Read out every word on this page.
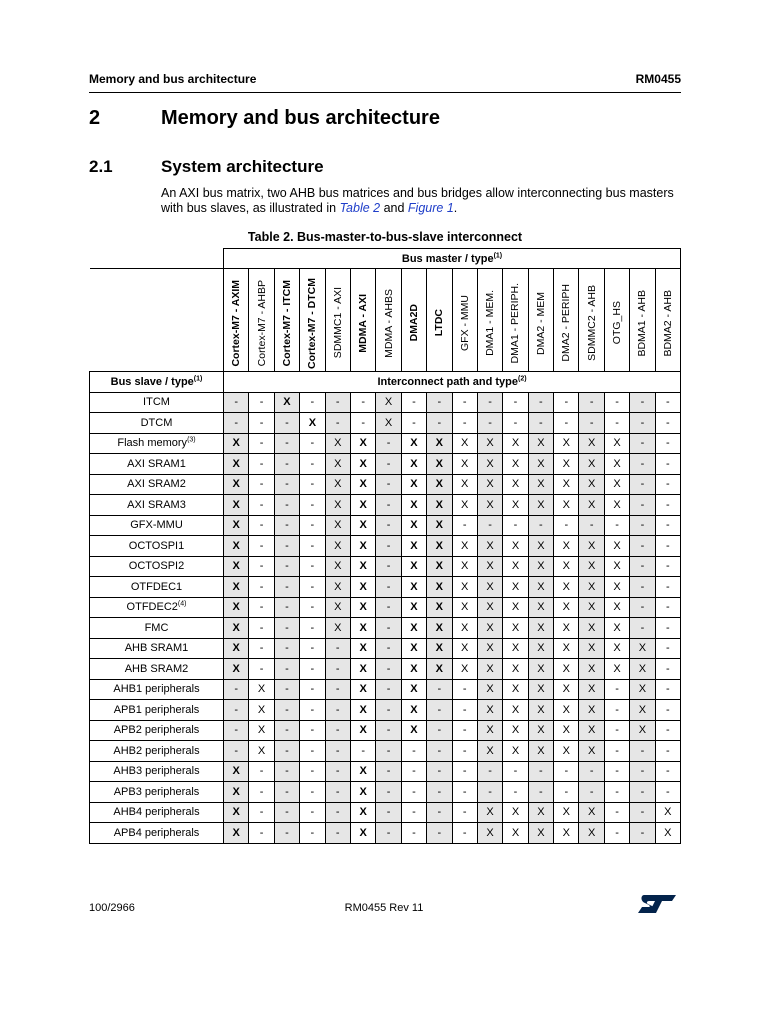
Memory and bus architecture	RM0455
2	Memory and bus architecture
2.1	System architecture
An AXI bus matrix, two AHB bus matrices and bus bridges allow interconnecting bus masters with bus slaves, as illustrated in Table 2 and Figure 1.
Table 2. Bus-master-to-bus-slave interconnect
	Bus master / type$^{(1)}$

	Cortex-M7 - AXIM	Cortex-M7 - AHBP	Cortex-M7 - ITCM	Cortex-M7 - DTCM	SDMMC1 - AXI	MDMA - AXI	MDMA - AHBS	DMA2D	LTDC	GFX - MMU	DMA1 - MEM.	DMA1 - PERIPH.	DMA2 - MEM	DMA2 - PERIPH	SDMMC2 - AHB	OTG_HS	BDMA1 - AHB	BDMA2 - AHB

Bus slave / type$^{(1)}$	Interconnect path and type$^{(2)}$
ITCM	-	-	X	-	-	-	X	-	-	-	-	-	-	-	-	-	-	-
DTCM	-	-	-	X	-	-	X	-	-	-	-	-	-	-	-	-	-	-
Flash memory$^{(3)}$	X	-	-	-	X	X	-	X	X	X	X	X	X	X	X	X	-	-
AXI SRAM1	X	-	-	-	X	X	-	X	X	X	X	X	X	X	X	X	-	-
AXI SRAM2	X	-	-	-	X	X	-	X	X	X	X	X	X	X	X	X	-	-
AXI SRAM3	X	-	-	-	X	X	-	X	X	X	X	X	X	X	X	X	-	-
GFX-MMU	X	-	-	-	X	X	-	X	X	-	-	-	-	-	-	-	-	-
OCTOSPI1	X	-	-	-	X	X	-	X	X	X	X	X	X	X	X	X	-	-
OCTOSPI2	X	-	-	-	X	X	-	X	X	X	X	X	X	X	X	X	-	-
OTFDEC1	X	-	-	-	X	X	-	X	X	X	X	X	X	X	X	X	-	-
OTFDEC2$^{(4)}$	X	-	-	-	X	X	-	X	X	X	X	X	X	X	X	X	-	-
FMC	X	-	-	-	X	X	-	X	X	X	X	X	X	X	X	X	-	-
AHB SRAM1	X	-	-	-	-	X	-	X	X	X	X	X	X	X	X	X	X	-
AHB SRAM2	X	-	-	-	-	X	-	X	X	X	X	X	X	X	X	X	X	-
AHB1 peripherals	-	X	-	-	-	X	-	X	-	-	X	X	X	X	X	-	X	-
APB1 peripherals	-	X	-	-	-	X	-	X	-	-	X	X	X	X	X	-	X	-
APB2 peripherals	-	X	-	-	-	X	-	X	-	-	X	X	X	X	X	-	X	-
AHB2 peripherals	-	X	-	-	-	-	-	-	-	-	X	X	X	X	X	-	-	-
AHB3 peripherals	X	-	-	-	-	X	-	-	-	-	-	-	-	-	-	-	-	-
APB3 peripherals	X	-	-	-	-	X	-	-	-	-	-	-	-	-	-	-	-	-
AHB4 peripherals	X	-	-	-	-	X	-	-	-	-	X	X	X	X	X	-	-	X
APB4 peripherals	X	-	-	-	-	X	-	-	-	-	X	X	X	X	X	-	-	X
100/2966	RM0455 Rev 11
